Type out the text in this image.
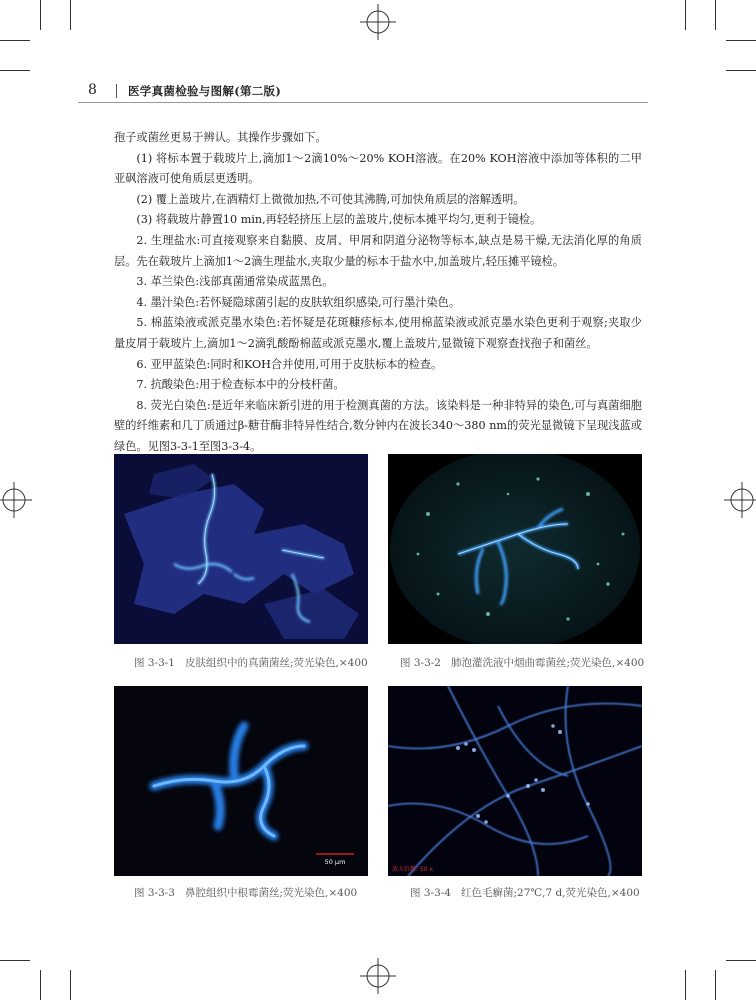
8	医学真菌检验与图解(第二版)

孢子或菌丝更易于辨认。其操作步骤如下。

(1) 将标本置于载玻片上,滴加1～2滴10%～20% KOH溶液。在20% KOH溶液中添加等体积的二甲亚砜溶液可使角质层更透明。

(2) 覆上盖玻片,在酒精灯上微微加热,不可使其沸腾,可加快角质层的溶解透明。

(3) 将载玻片静置10 min,再轻轻挤压上层的盖玻片,使标本摊平均匀,更利于镜检。

2. 生理盐水:可直接观察来自黏膜、皮屑、甲屑和阴道分泌物等标本,缺点是易干燥,无法消化厚的角质层。先在载玻片上滴加1～2滴生理盐水,夹取少量的标本于盐水中,加盖玻片,轻压摊平镜检。

3. 革兰染色:浅部真菌通常染成蓝黑色。

4. 墨汁染色:若怀疑隐球菌引起的皮肤软组织感染,可行墨汁染色。

5. 棉蓝染液或派克墨水染色:若怀疑是花斑糠疹标本,使用棉蓝染液或派克墨水染色更利于观察;夹取少量皮屑于载玻片上,滴加1～2滴乳酸酚棉蓝或派克墨水,覆上盖玻片,显微镜下观察查找孢子和菌丝。

6. 亚甲蓝染色:同时和KOH合并使用,可用于皮肤标本的检查。

7. 抗酸染色:用于检查标本中的分枝杆菌。

8. 荧光白染色:是近年来临床新引进的用于检测真菌的方法。该染料是一种非特异的染色,可与真菌细胞壁的纤维素和几丁质通过β-糖苷酶非特异性结合,数分钟内在波长340～380 nm的荧光显微镜下呈现浅蓝或绿色。见图3-3-1至图3-3-4。

图 3-3-1 皮肤组织中的真菌菌丝;荧光染色,×400	图 3-3-2 肺泡灌洗液中烟曲霉菌丝;荧光染色,×400
50 μm
图 3-3-3 鼻腔组织中根霉菌丝;荧光染色,×400
放大倍数: 50 x
图 3-3-4 红色毛癣菌;27℃,7 d,荧光染色,×400
